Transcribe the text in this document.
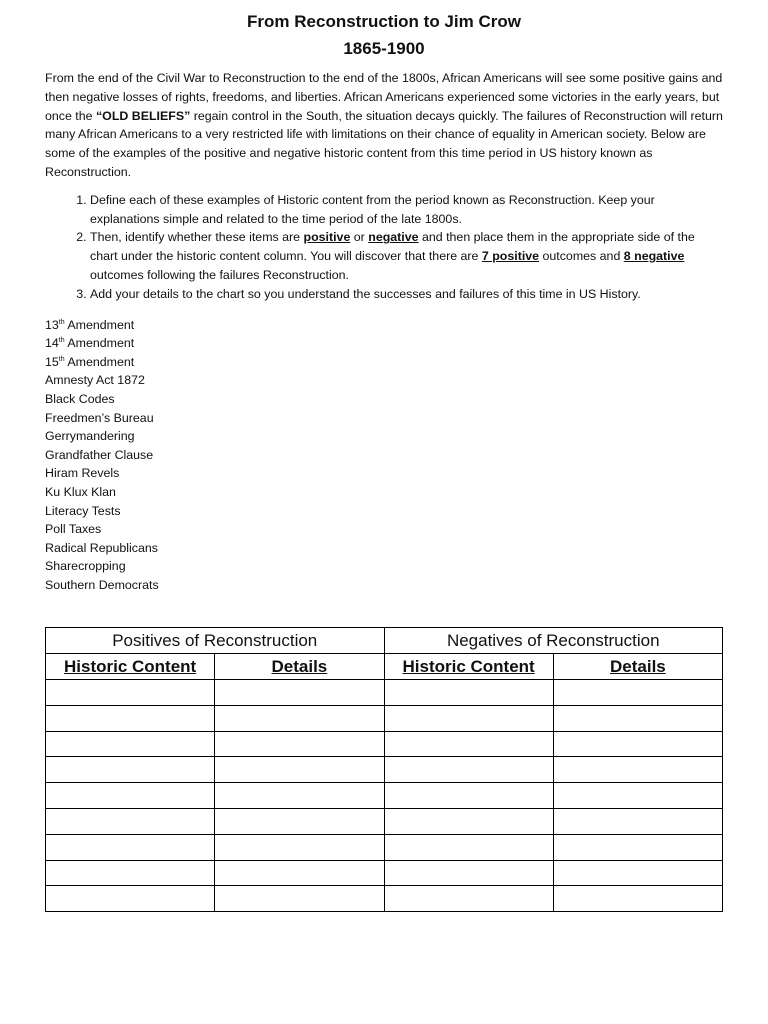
From Reconstruction to Jim Crow
1865-1900

From the end of the Civil War to Reconstruction to the end of the 1800s, African Americans will see some positive gains and then negative losses of rights, freedoms, and liberties. African Americans experienced some victories in the early years, but once the “OLD BELIEFS” regain control in the South, the situation decays quickly. The failures of Reconstruction will return many African Americans to a very restricted life with limitations on their chance of equality in American society. Below are some of the examples of the positive and negative historic content from this time period in US history known as Reconstruction.

1. Define each of these examples of Historic content from the period known as Reconstruction. Keep your explanations simple and related to the time period of the late 1800s.
2. Then, identify whether these items are positive or negative and then place them in the appropriate side of the chart under the historic content column. You will discover that there are 7 positive outcomes and 8 negative outcomes following the failures Reconstruction.
3. Add your details to the chart so you understand the successes and failures of this time in US History.
13th Amendment
14th Amendment
15th Amendment
Amnesty Act 1872
Black Codes
Freedmen’s Bureau
Gerrymandering
Grandfather Clause
Hiram Revels
Ku Klux Klan
Literacy Tests
Poll Taxes
Radical Republicans
Sharecropping
Southern Democrats
Positives of Reconstruction		Negatives of Reconstruction	
Historic Content	Details	Historic Content	Details
